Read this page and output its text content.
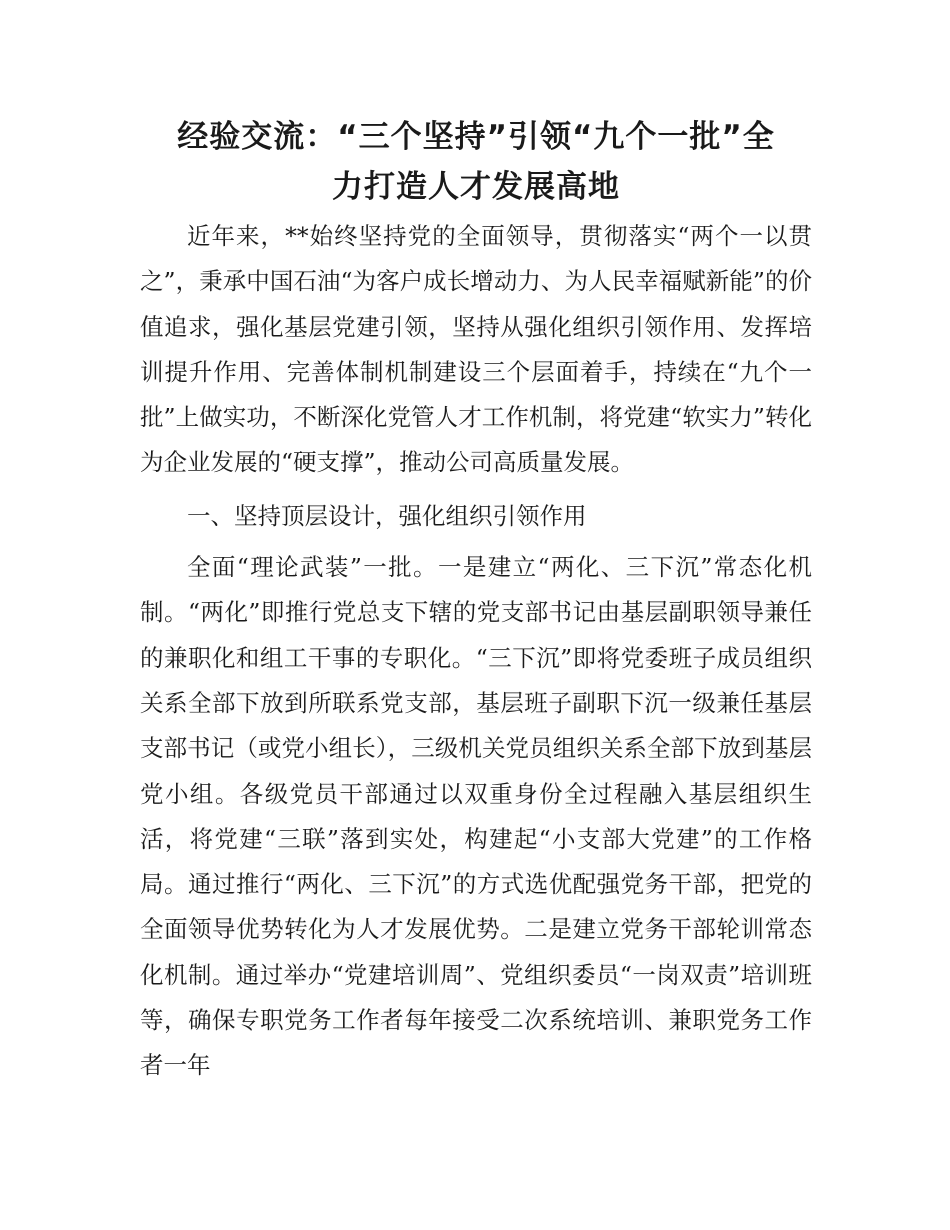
经验交流：“三个坚持”引领“九个一批”全
力打造人才发展高地

近年来，**始终坚持党的全面领导，贯彻落实“两个一以贯之”，秉承中国石油“为客户成长增动力、为人民幸福赋新能”的价值追求，强化基层党建引领，坚持从强化组织引领作用、发挥培训提升作用、完善体制机制建设三个层面着手，持续在“九个一批”上做实功，不断深化党管人才工作机制，将党建“软实力”转化为企业发展的“硬支撑”，推动公司高质量发展。

一、坚持顶层设计，强化组织引领作用

全面“理论武装”一批。一是建立“两化、三下沉”常态化机制。“两化”即推行党总支下辖的党支部书记由基层副职领导兼任的兼职化和组工干事的专职化。“三下沉”即将党委班子成员组织关系全部下放到所联系党支部，基层班子副职下沉一级兼任基层支部书记（或党小组长），三级机关党员组织关系全部下放到基层党小组。各级党员干部通过以双重身份全过程融入基层组织生活，将党建“三联”落到实处，构建起“小支部大党建”的工作格局。通过推行“两化、三下沉”的方式选优配强党务干部，把党的全面领导优势转化为人才发展优势。二是建立党务干部轮训常态化机制。通过举办“党建培训周”、党组织委员“一岗双责”培训班等，确保专职党务工作者每年接受二次系统培训、兼职党务工作者一年
